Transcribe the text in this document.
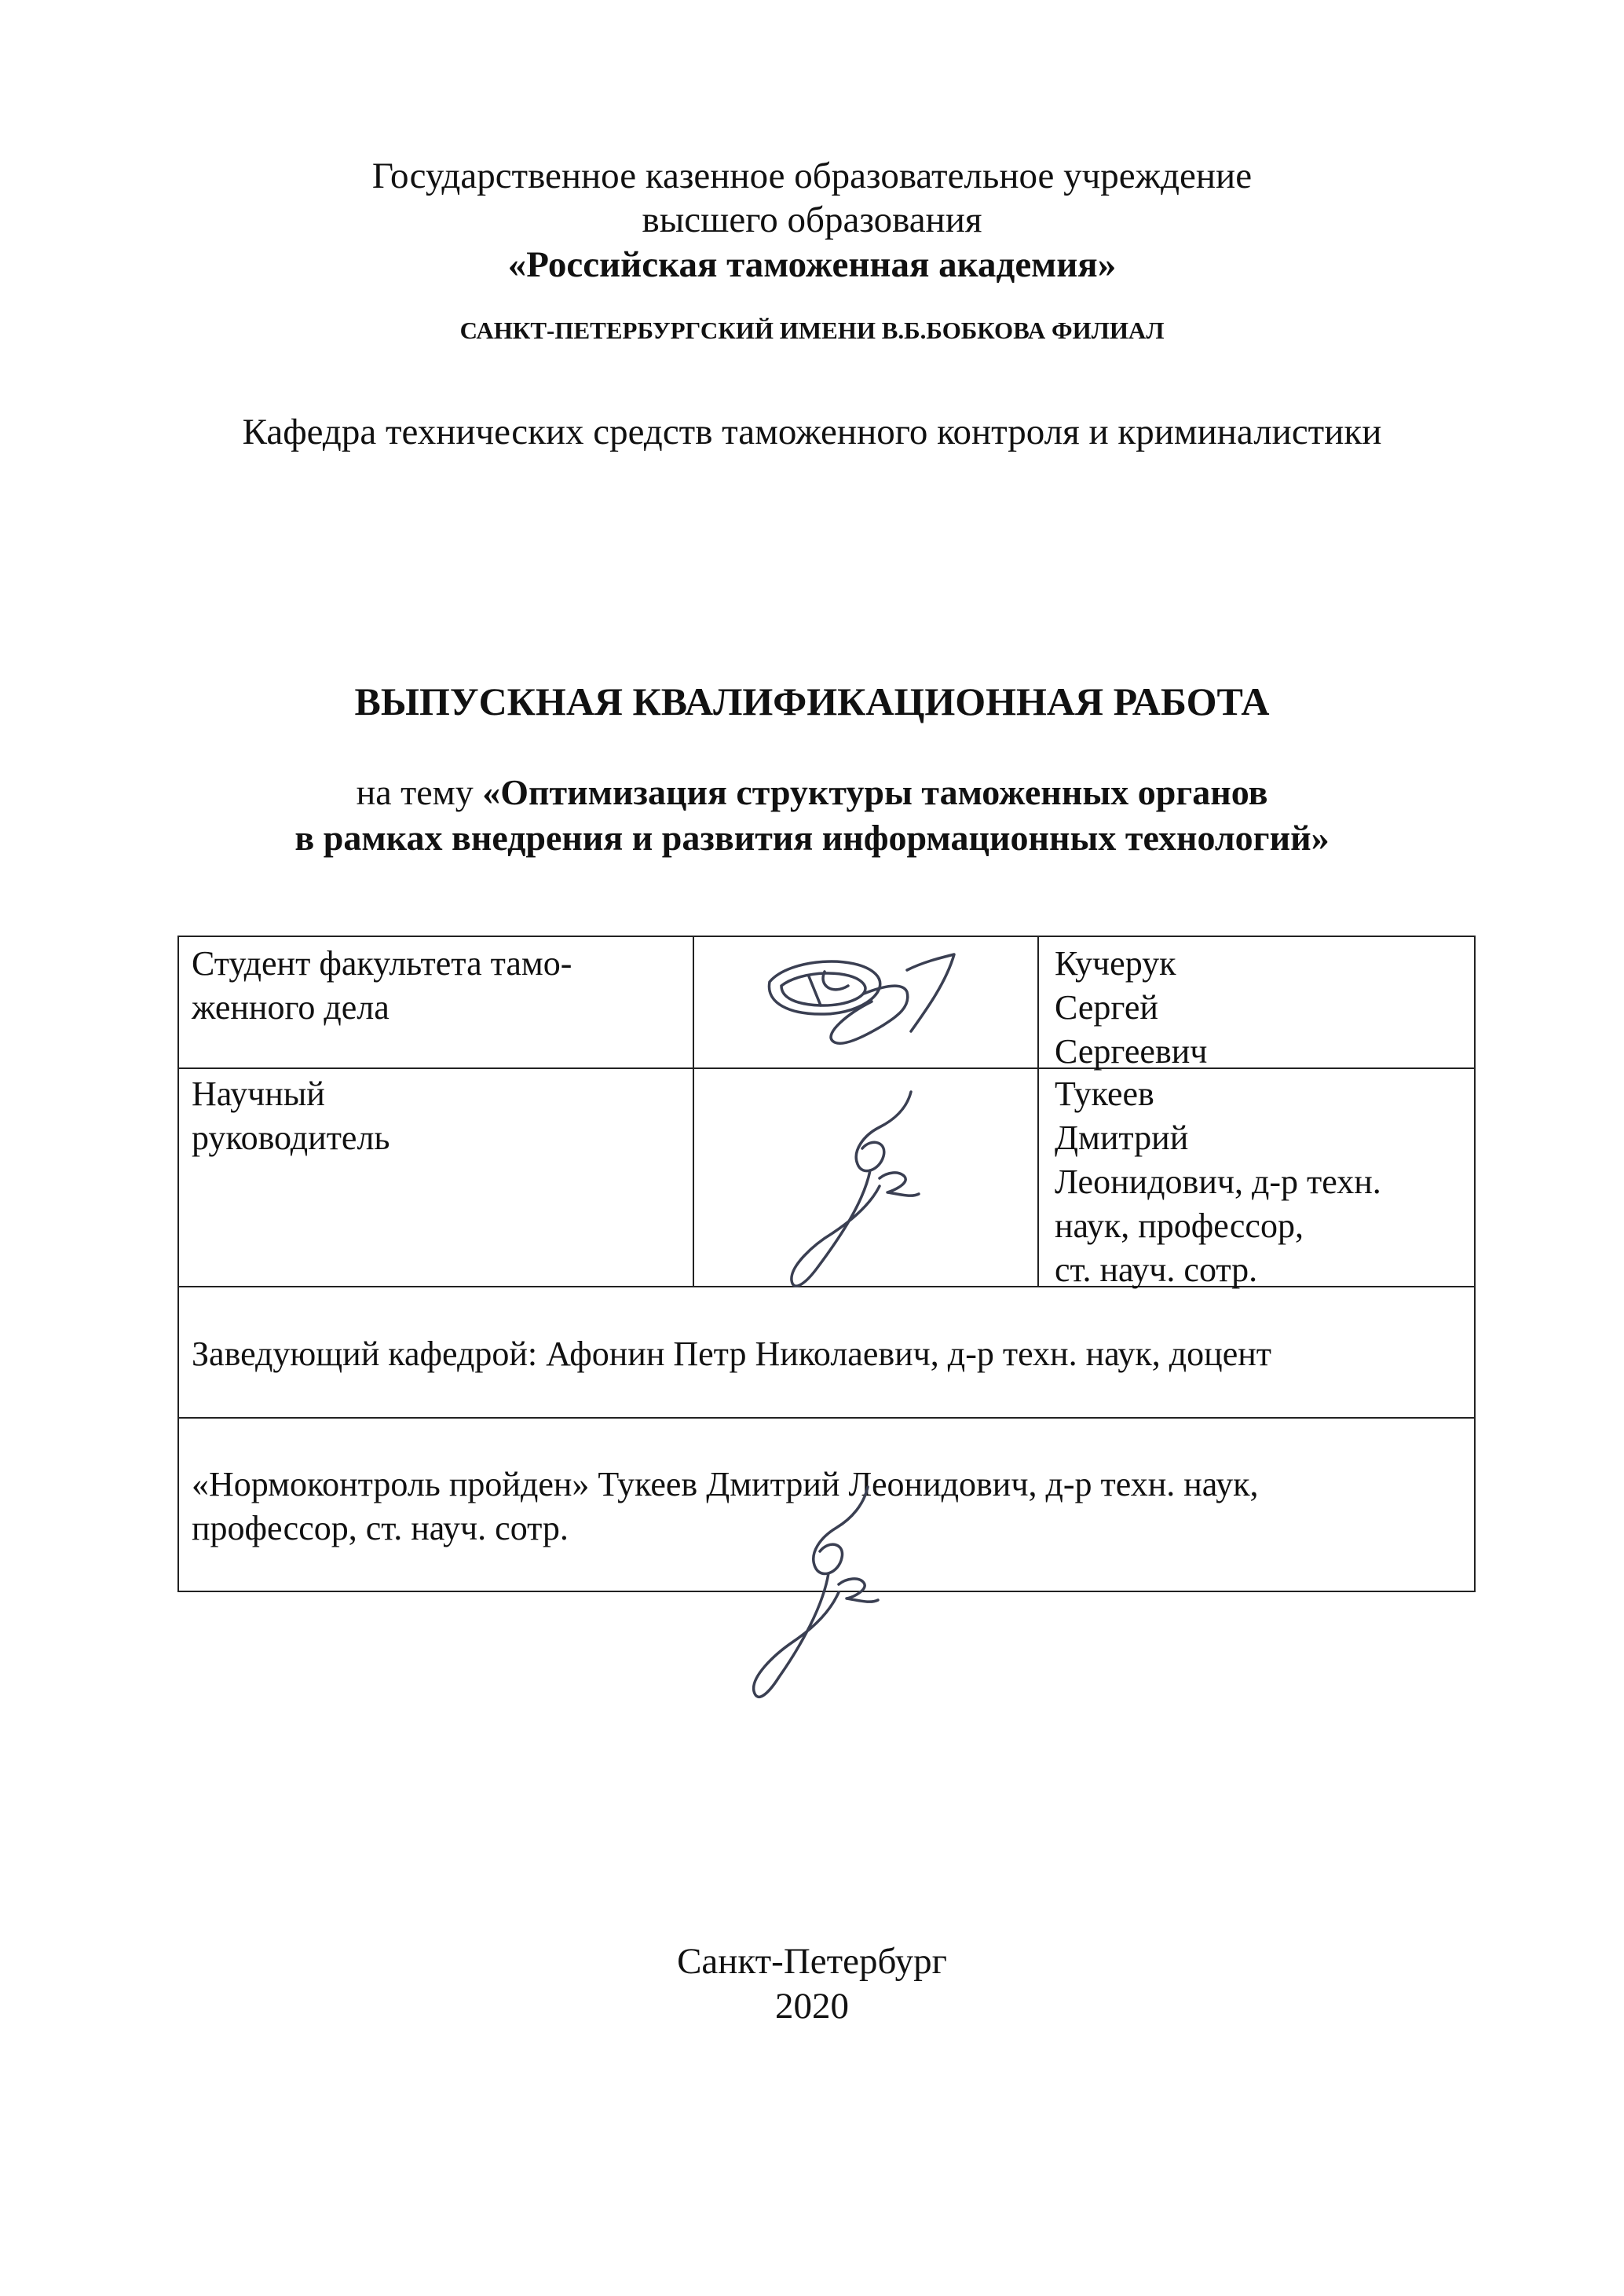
Государственное казенное образовательное учреждение
высшего образования
«Российская таможенная академия»
САНКТ-ПЕТЕРБУРГСКИЙ ИМЕНИ В.Б.БОБКОВА ФИЛИАЛ
Кафедра технических средств таможенного контроля и криминалистики
ВЫПУСКНАЯ КВАЛИФИКАЦИОННАЯ РАБОТА
на тему «Оптимизация структуры таможенных органов
в рамках внедрения и развития информационных технологий»
Студент факультета тамо-
женного дела
Кучерук
Сергей
Сергеевич
Научный
руководитель
Тукеев
Дмитрий
Леонидович, д-р техн.
наук, профессор,
ст. науч. сотр.
Заведующий кафедрой: Афонин Петр Николаевич, д-р техн. наук, доцент
«Нормоконтроль пройден» Тукеев Дмитрий Леонидович, д-р техн. наук,
профессор, ст. науч. сотр.
Санкт-Петербург
2020
